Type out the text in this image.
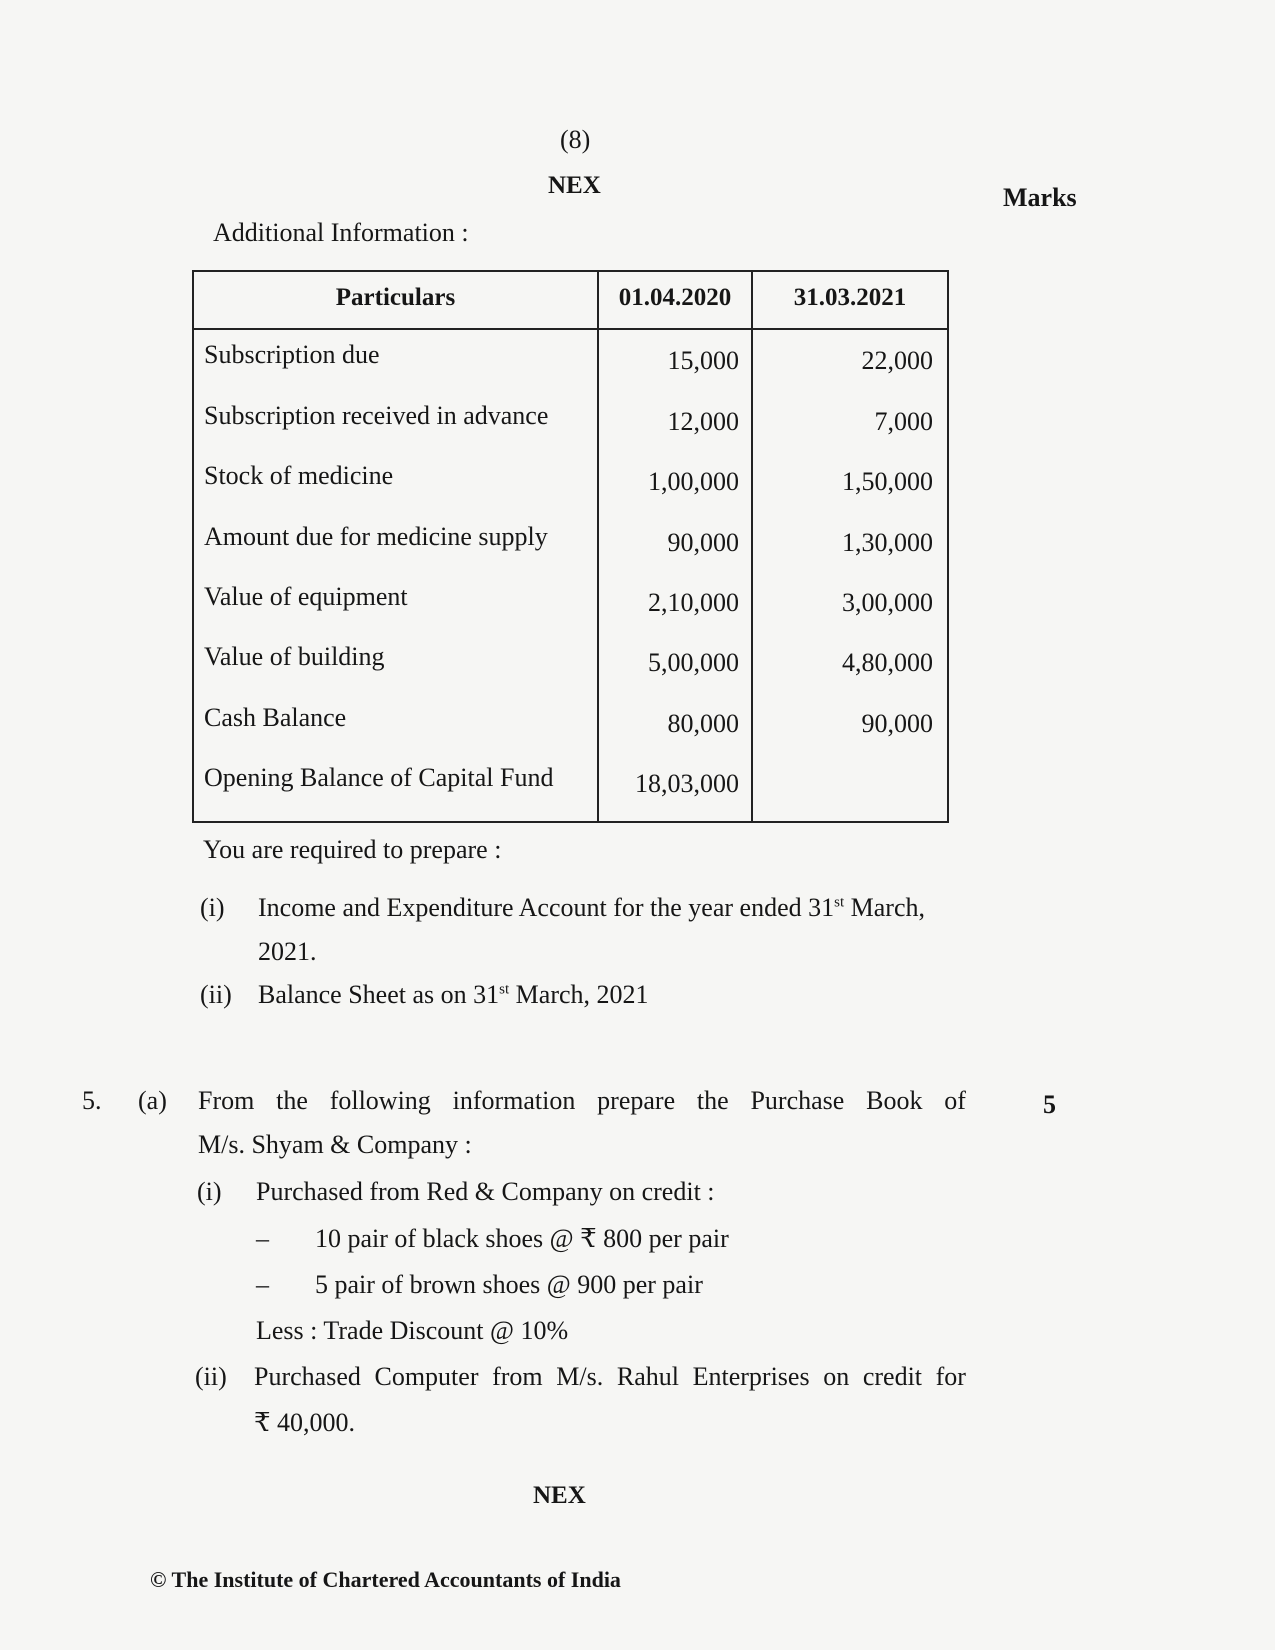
(8)
NEX	Marks
Additional Information :
Particulars	01.04.2020	31.03.2021
Subscription due	15,000	22,000
Subscription received in advance	12,000	7,000
Stock of medicine	1,00,000	1,50,000
Amount due for medicine supply	90,000	1,30,000
Value of equipment	2,10,000	3,00,000
Value of building	5,00,000	4,80,000
Cash Balance	80,000	90,000
Opening Balance of Capital Fund	18,03,000
You are required to prepare :
(i) Income and Expenditure Account for the year ended 31st March,
2021.
(ii) Balance Sheet as on 31st March, 2021
5. (a) From the following information prepare the Purchase Book of	5
M/s. Shyam & Company :
(i) Purchased from Red & Company on credit :
– 10 pair of black shoes @ ₹ 800 per pair
– 5 pair of brown shoes @ 900 per pair
Less : Trade Discount @ 10%
(ii) Purchased Computer from M/s. Rahul Enterprises on credit for
₹ 40,000.
NEX
© The Institute of Chartered Accountants of India
